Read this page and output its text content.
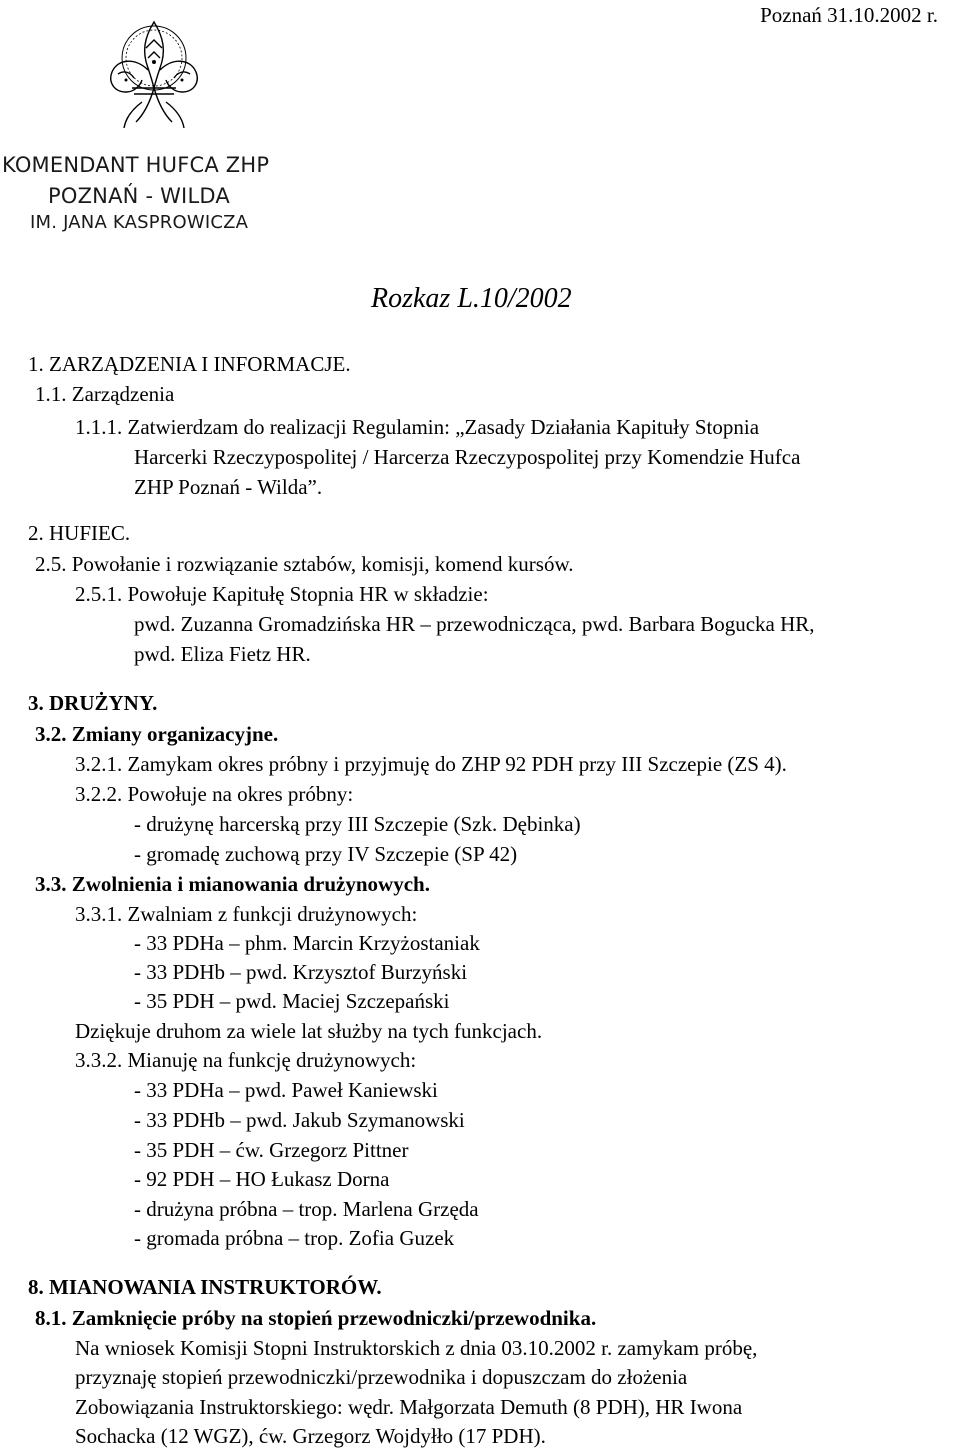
Poznań 31.10.2002 r.
KOMENDANT HUFCA ZHP
POZNAŃ - WILDA
IM. JANA KASPROWICZA
Rozkaz L.10/2002
1. ZARZĄDZENIA I INFORMACJE.
1.1. Zarządzenia
1.1.1. Zatwierdzam do realizacji Regulamin: „Zasady Działania Kapituły Stopnia
Harcerki Rzeczypospolitej / Harcerza Rzeczypospolitej przy Komendzie Hufca
ZHP Poznań - Wilda”.
2. HUFIEC.
2.5. Powołanie i rozwiązanie sztabów, komisji, komend kursów.
2.5.1. Powołuje Kapitułę Stopnia HR w składzie:
pwd. Zuzanna Gromadzińska HR – przewodnicząca, pwd. Barbara Bogucka HR,
pwd. Eliza Fietz HR.
3. DRUŻYNY.
3.2. Zmiany organizacyjne.
3.2.1. Zamykam okres próbny i przyjmuję do ZHP 92 PDH przy III Szczepie (ZS 4).
3.2.2. Powołuje na okres próbny:
- drużynę harcerską przy III Szczepie (Szk. Dębinka)
- gromadę zuchową przy IV Szczepie (SP 42)
3.3. Zwolnienia i mianowania drużynowych.
3.3.1. Zwalniam z funkcji drużynowych:
- 33 PDHa – phm. Marcin Krzyżostaniak
- 33 PDHb – pwd. Krzysztof Burzyński
- 35 PDH – pwd. Maciej Szczepański
Dziękuje druhom za wiele lat służby na tych funkcjach.
3.3.2. Mianuję na funkcję drużynowych:
- 33 PDHa – pwd. Paweł Kaniewski
- 33 PDHb – pwd. Jakub Szymanowski
- 35 PDH – ćw. Grzegorz Pittner
- 92 PDH – HO Łukasz Dorna
- drużyna próbna – trop. Marlena Grzęda
- gromada próbna – trop. Zofia Guzek
8. MIANOWANIA INSTRUKTORÓW.
8.1. Zamknięcie próby na stopień przewodniczki/przewodnika.
Na wniosek Komisji Stopni Instruktorskich z dnia 03.10.2002 r. zamykam próbę,
przyznaję stopień przewodniczki/przewodnika i dopuszczam do złożenia
Zobowiązania Instruktorskiego: wędr. Małgorzata Demuth (8 PDH), HR Iwona
Sochacka (12 WGZ), ćw. Grzegorz Wojdyłło (17 PDH).
